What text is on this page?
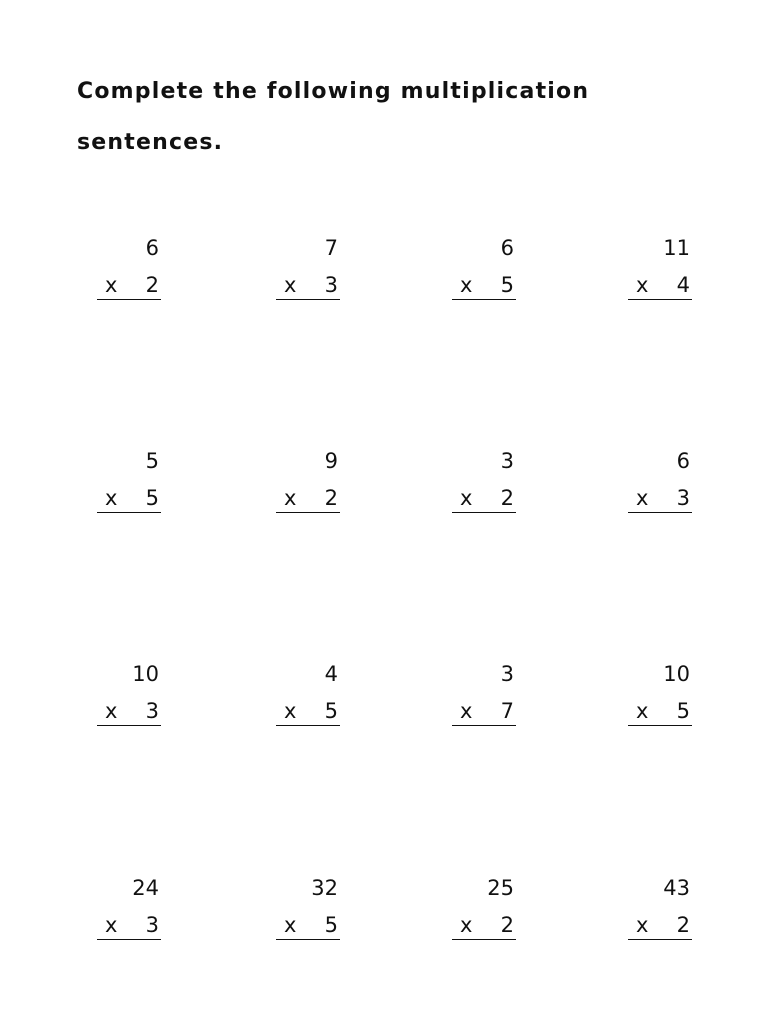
Complete the following multiplication sentences.

6
x 2
7
x 3
6
x 5
11
x 4
5
x 5
9
x 2
3
x 2
6
x 3
10
x 3
4
x 5
3
x 7
10
x 5
24
x 3
32
x 5
25
x 2
43
x 2
